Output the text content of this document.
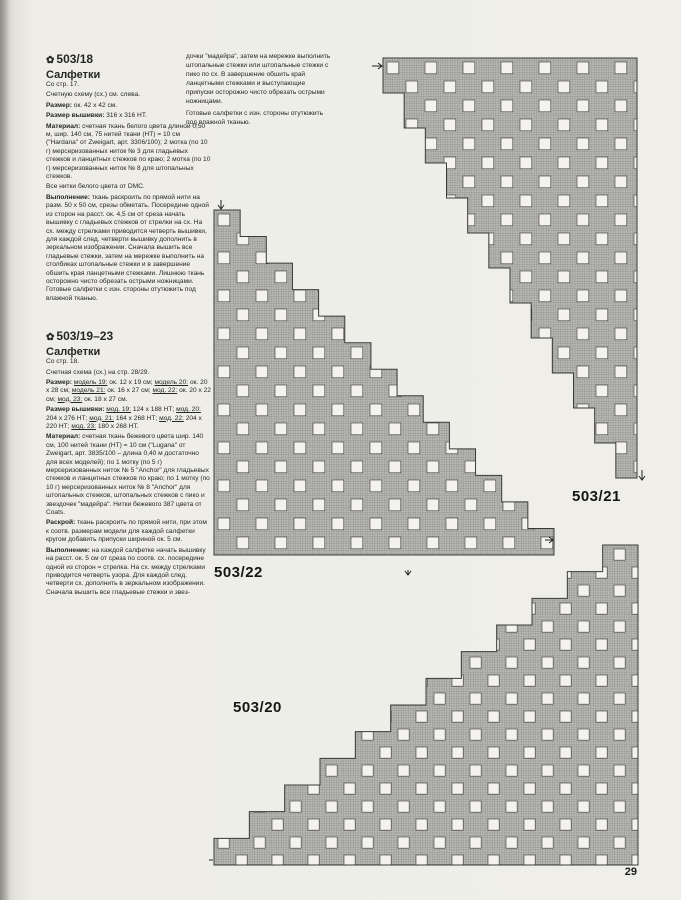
✿ 503/18
Салфетки

Со стр. 17.

Счетную схему (сх.) см. слева.

Размер: ок. 42 x 42 см.

Размер вышивки: 316 x 316 НТ.

Материал: счетная ткань белого цвета длиной 0,50 м, шир. 140 см, 75 нитей ткани (НТ) = 10 см ("Hardana" от Zweigart, арт. 3306/100); 2 мотка (по 10 г) мерсеризованных ниток № 3 для гладьевых стежков и ланцетных стежков по краю; 2 мотка (по 10 г) мерсеризованных ниток № 8 для штопальных стежков.

Все нитки белого цвета от DMC.

Выполнение: ткань раскроить по прямой нити на разм. 50 x 50 см, срезы обметать. Посередине одной из сторон на расст. ок. 4,5 см от среза начать вышивку с гладьевых стежков от стрелки на сх. На сх. между стрелками приводится четверть вышивки, для каждой след. четверти вышивку дополнить в зеркальном изображении. Сначала вышить все гладьевые стежки, затем на мережке выполнить на столбиках штопальные стежки и в завершение обшить края ланцетными стежками. Лишнюю ткань осторожно чисто обрезать острыми ножницами. Готовые салфетки с изн. стороны отутюжить под влажной тканью.

✿ 503/19–23
Салфетки

Со стр. 18.

Счетная схема (сх.) на стр. 28/29.

Размер: модель 19: ок. 12 x 19 см; модель 20: ок. 20 x 28 см; модель 21: ок. 16 x 27 см; мод. 22: ок. 20 x 22 см; мод. 23: ок. 18 x 27 см.

Размер вышивки: мод. 19: 124 x 188 НТ; мод. 20: 204 x 276 НТ; мод. 21: 164 x 268 НТ; мод. 22: 204 x 220 НТ; мод. 23: 180 x 268 НТ.

Материал: счетная ткань бежевого цвета шир. 140 см, 100 нитей ткани (НТ) = 10 см ("Lugana" от Zweigart, арт. 3835/100 – длина 0,40 м достаточно для всех моделей); по 1 мотку (по 5 г) мерсеризованных ниток № 5 "Anchor" для гладьевых стежков и ланцетных стежков по краю; по 1 мотку (по 10 г) мерсеризованных ниток № 8 "Anchor" для штопальных стежков, штопальных стежков с пико и звездочек "мадейра". Нитки бежевого 387 цвета от Coats.

Раскрой: ткань раскроить по прямой нити, при этом к соотв. размерам модели для каждой салфетки кругом добавить припуски шириной ок. 5 см.

Выполнение: на каждой салфетке начать вышивку на расст. ок. 5 см от среза по соотв. сх. посередине одной из сторон = стрелка. На сх. между стрелками приводится четверть узора. Для каждой след. четверти сх. дополнить в зеркальном изображении. Сначала вышить все гладьевые стежки и звез-

дочки "мадейра", затем на мережке выполнить штопальные стежки или штопальные стежки с пико по сх. В завершение обшить край ланцетными стежками и выступающие припуски осторожно чисто обрезать острыми ножницами.

Готовые салфетки с изн. стороны отутюжить под влажной тканью.

503/21
503/22
503/20
29
